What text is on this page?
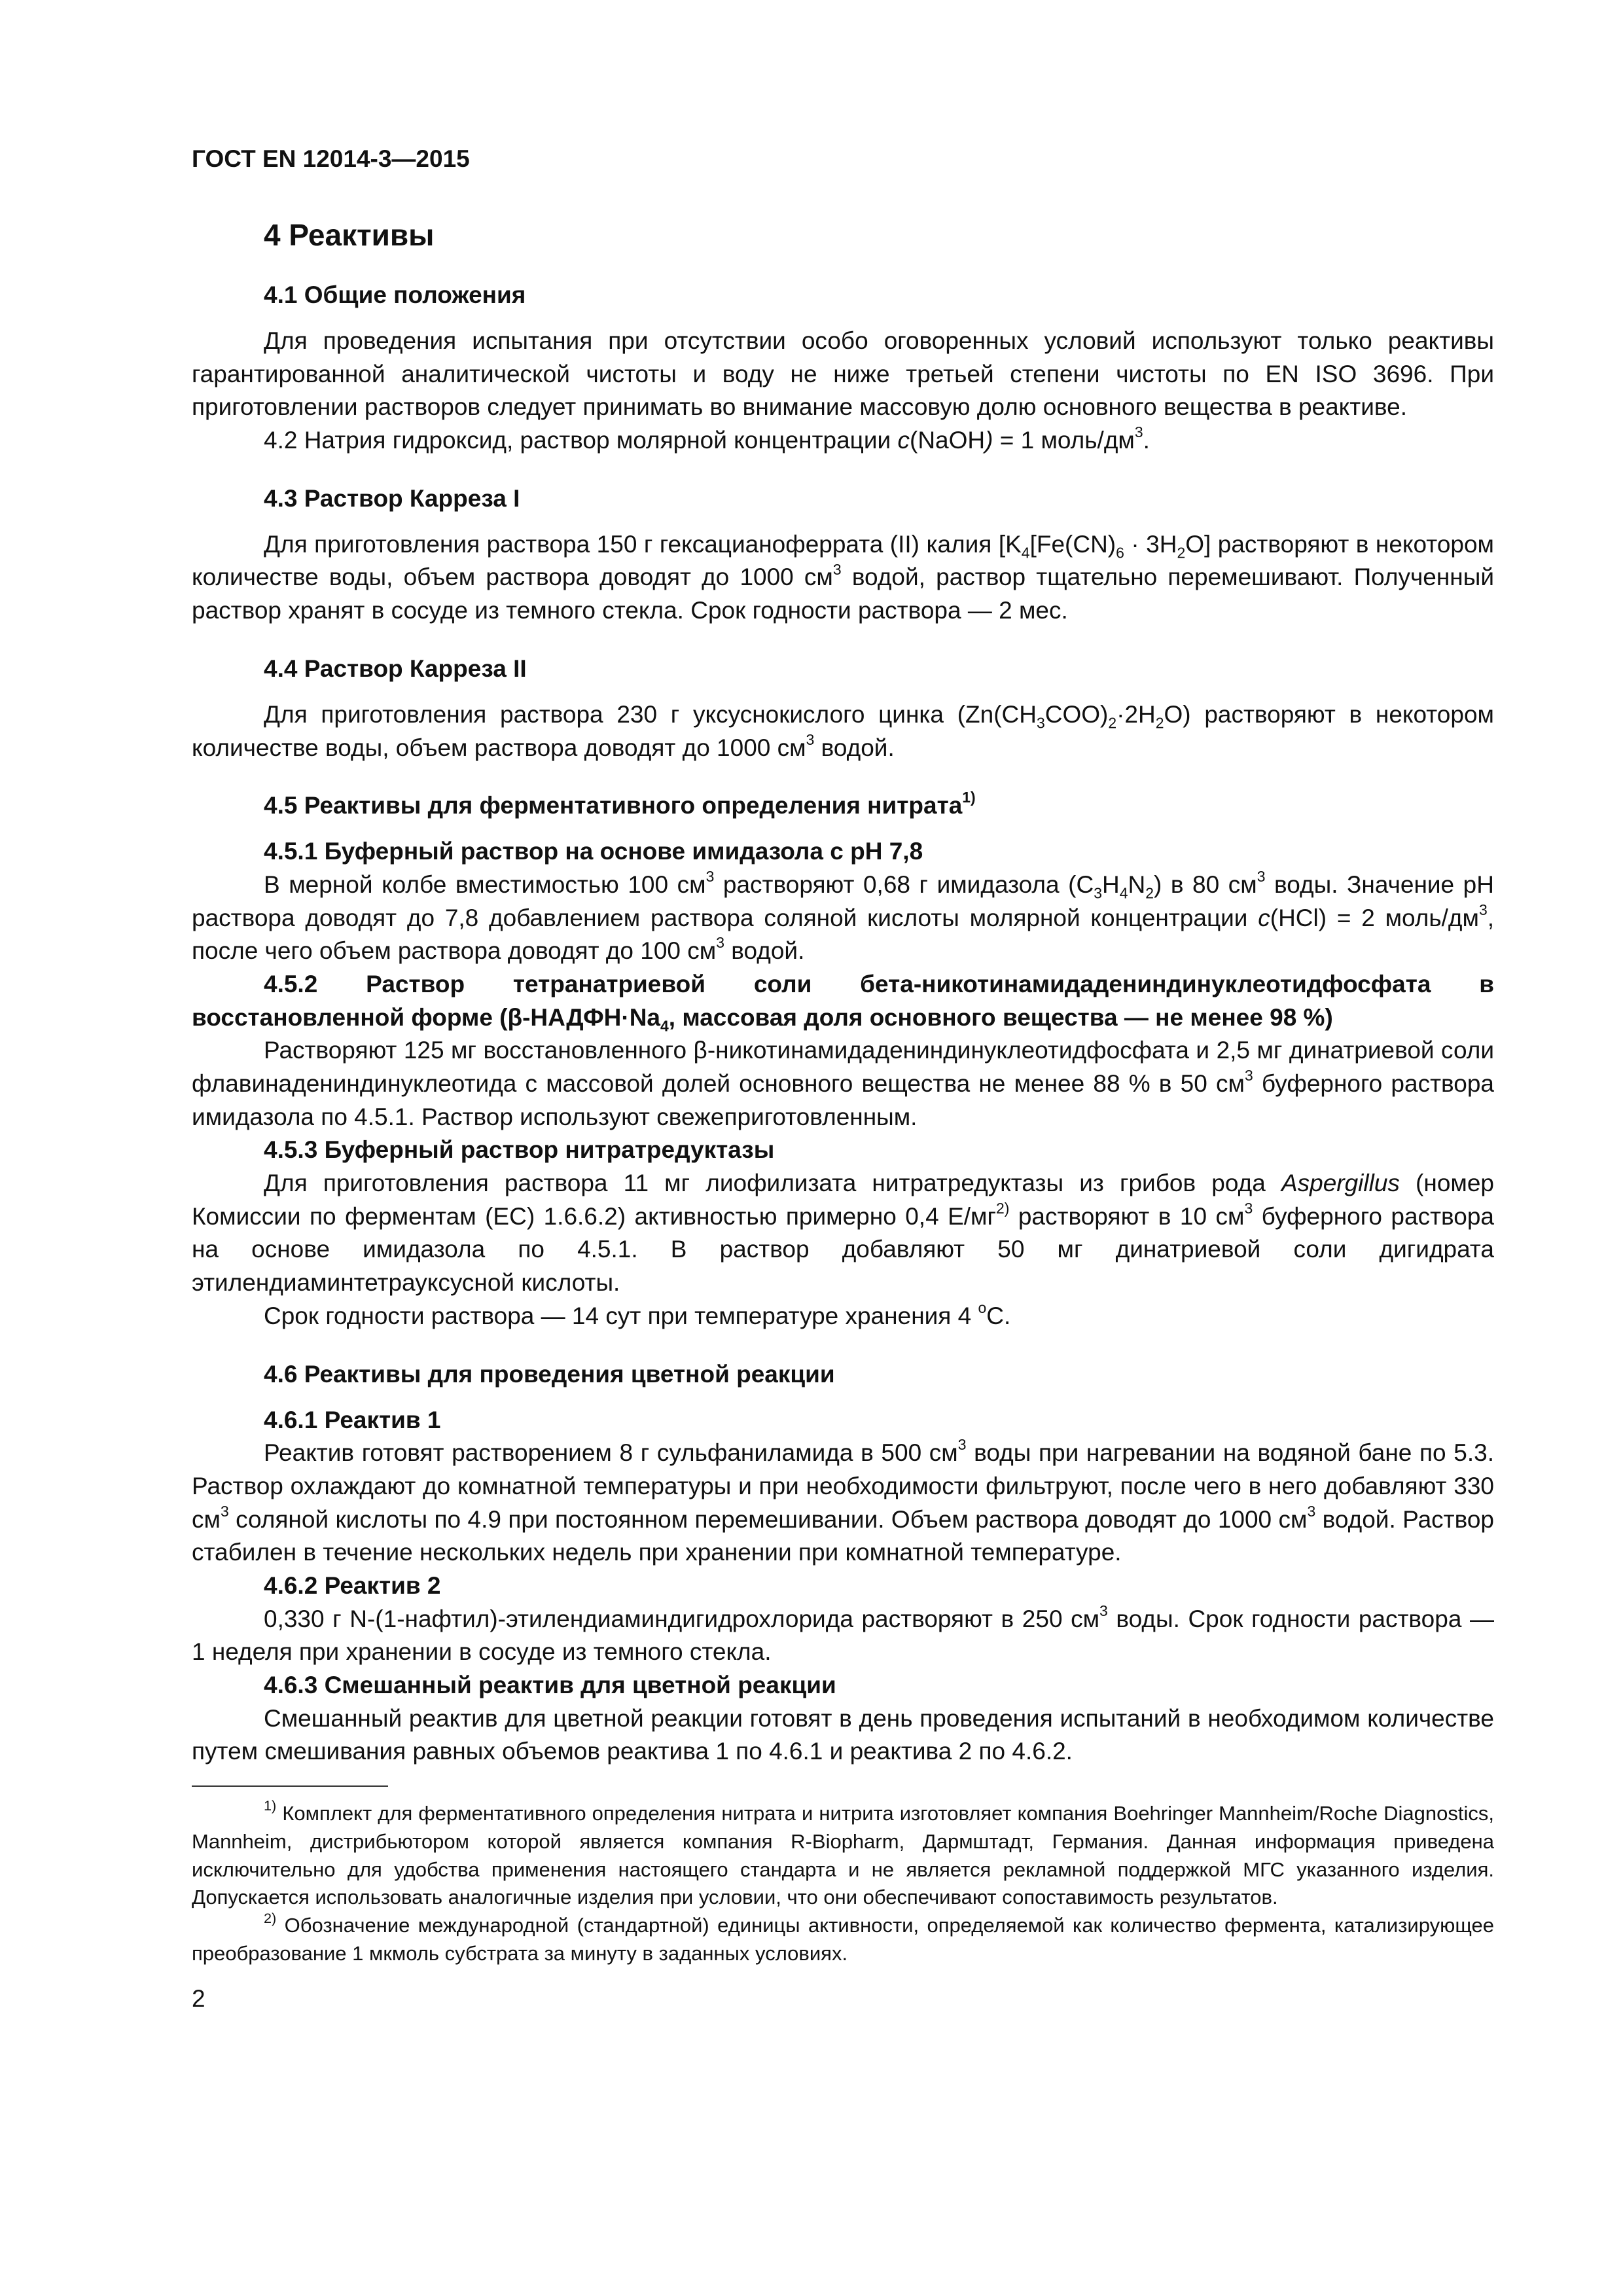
ГОСТ EN 12014-3—2015
4 Реактивы
4.1 Общие положения

Для проведения испытания при отсутствии особо оговоренных условий используют только реактивы гарантированной аналитической чистоты и воду не ниже третьей степени чистоты по EN ISO 3696. При приготовлении растворов следует принимать во внимание массовую долю основного вещества в реактиве.

4.2 Натрия гидроксид, раствор молярной концентрации c(NaOH) = 1 моль/$дм^3$.

4.3 Раствор Карреза I

Для приготовления раствора 150 г гексацианоферрата (II) калия [$K_4[Fe(CN)_6 \cdot 3H_2O]$ растворяют в некотором количестве воды, объем раствора доводят до 1000 $см^3$ водой, раствор тщательно перемешивают. Полученный раствор хранят в сосуде из темного стекла. Срок годности раствора — 2 мес.

4.4 Раствор Карреза II

Для приготовления раствора 230 г уксуснокислого цинка $(Zn(CH_3COO)_2\cdot 2H_2O)$ растворяют в некотором количестве воды, объем раствора доводят до 1000 $см^3$ водой.

4.5 Реактивы для ферментативного определения нитрата$^{1)}$
4.5.1 Буферный раствор на основе имидазола с pH 7,8

В мерной колбе вместимостью 100 $см^3$ растворяют 0,68 г имидазола $(C_3H_4N_2)$ в 80 $см^3$ воды. Значение pH раствора доводят до 7,8 добавлением раствора соляной кислоты молярной концентрации c(HCl) = 2 моль/$дм^3$, после чего объем раствора доводят до 100 $см^3$ водой.

4.5.2 Раствор тетранатриевой соли бета-никотинамидадениндинуклеотидфосфата в восстановленной форме ($\beta-НАДФН\cdot Na_4$, массовая доля основного вещества — не менее 98 %)

Растворяют 125 мг восстановленного β-никотинамидадениндинуклеотидфосфата и 2,5 мг динатриевой соли флавинадениндинуклеотида с массовой долей основного вещества не менее 88 % в 50 $см^3$ буферного раствора имидазола по 4.5.1. Раствор используют свежеприготовленным.

4.5.3 Буферный раствор нитратредуктазы

Для приготовления раствора 11 мг лиофилизата нитратредуктазы из грибов рода Aspergillus (номер Комиссии по ферментам (ЕС) 1.6.6.2) активностью примерно 0,4 $Е/мг^{2)}$ растворяют в 10 $см^3$ буферного раствора на основе имидазола по 4.5.1. В раствор добавляют 50 мг динатриевой соли дигидрата этилендиаминтетрауксусной кислоты.

Срок годности раствора — 14 сут при температуре хранения 4 $^о$С.

4.6 Реактивы для проведения цветной реакции
4.6.1 Реактив 1

Реактив готовят растворением 8 г сульфаниламида в 500 $см^3$ воды при нагревании на водяной бане по 5.3. Раствор охлаждают до комнатной температуры и при необходимости фильтруют, после чего в него добавляют 330 $см^3$ соляной кислоты по 4.9 при постоянном перемешивании. Объем раствора доводят до 1000 $см^3$ водой. Раствор стабилен в течение нескольких недель при хранении при комнатной температуре.

4.6.2 Реактив 2

0,330 г N-(1-нафтил)-этилендиаминдигидрохлорида растворяют в 250 $см^3$ воды. Срок годности раствора — 1 неделя при хранении в сосуде из темного стекла.

4.6.3 Смешанный реактив для цветной реакции

Смешанный реактив для цветной реакции готовят в день проведения испытаний в необходимом количестве путем смешивания равных объемов реактива 1 по 4.6.1 и реактива 2 по 4.6.2.

$^{1)}$ Комплект для ферментативного определения нитрата и нитрита изготовляет компания Boehringer Mannheim/Roche Diagnostics, Mannheim, дистрибьютором которой является компания R-Biopharm, Дармштадт, Германия. Данная информация приведена исключительно для удобства применения настоящего стандарта и не является рекламной поддержкой МГС указанного изделия. Допускается использовать аналогичные изделия при условии, что они обеспечивают сопоставимость результатов.

$^{2)}$ Обозначение международной (стандартной) единицы активности, определяемой как количество фермента, катализирующее преобразование 1 мкмоль субстрата за минуту в заданных условиях.

2
